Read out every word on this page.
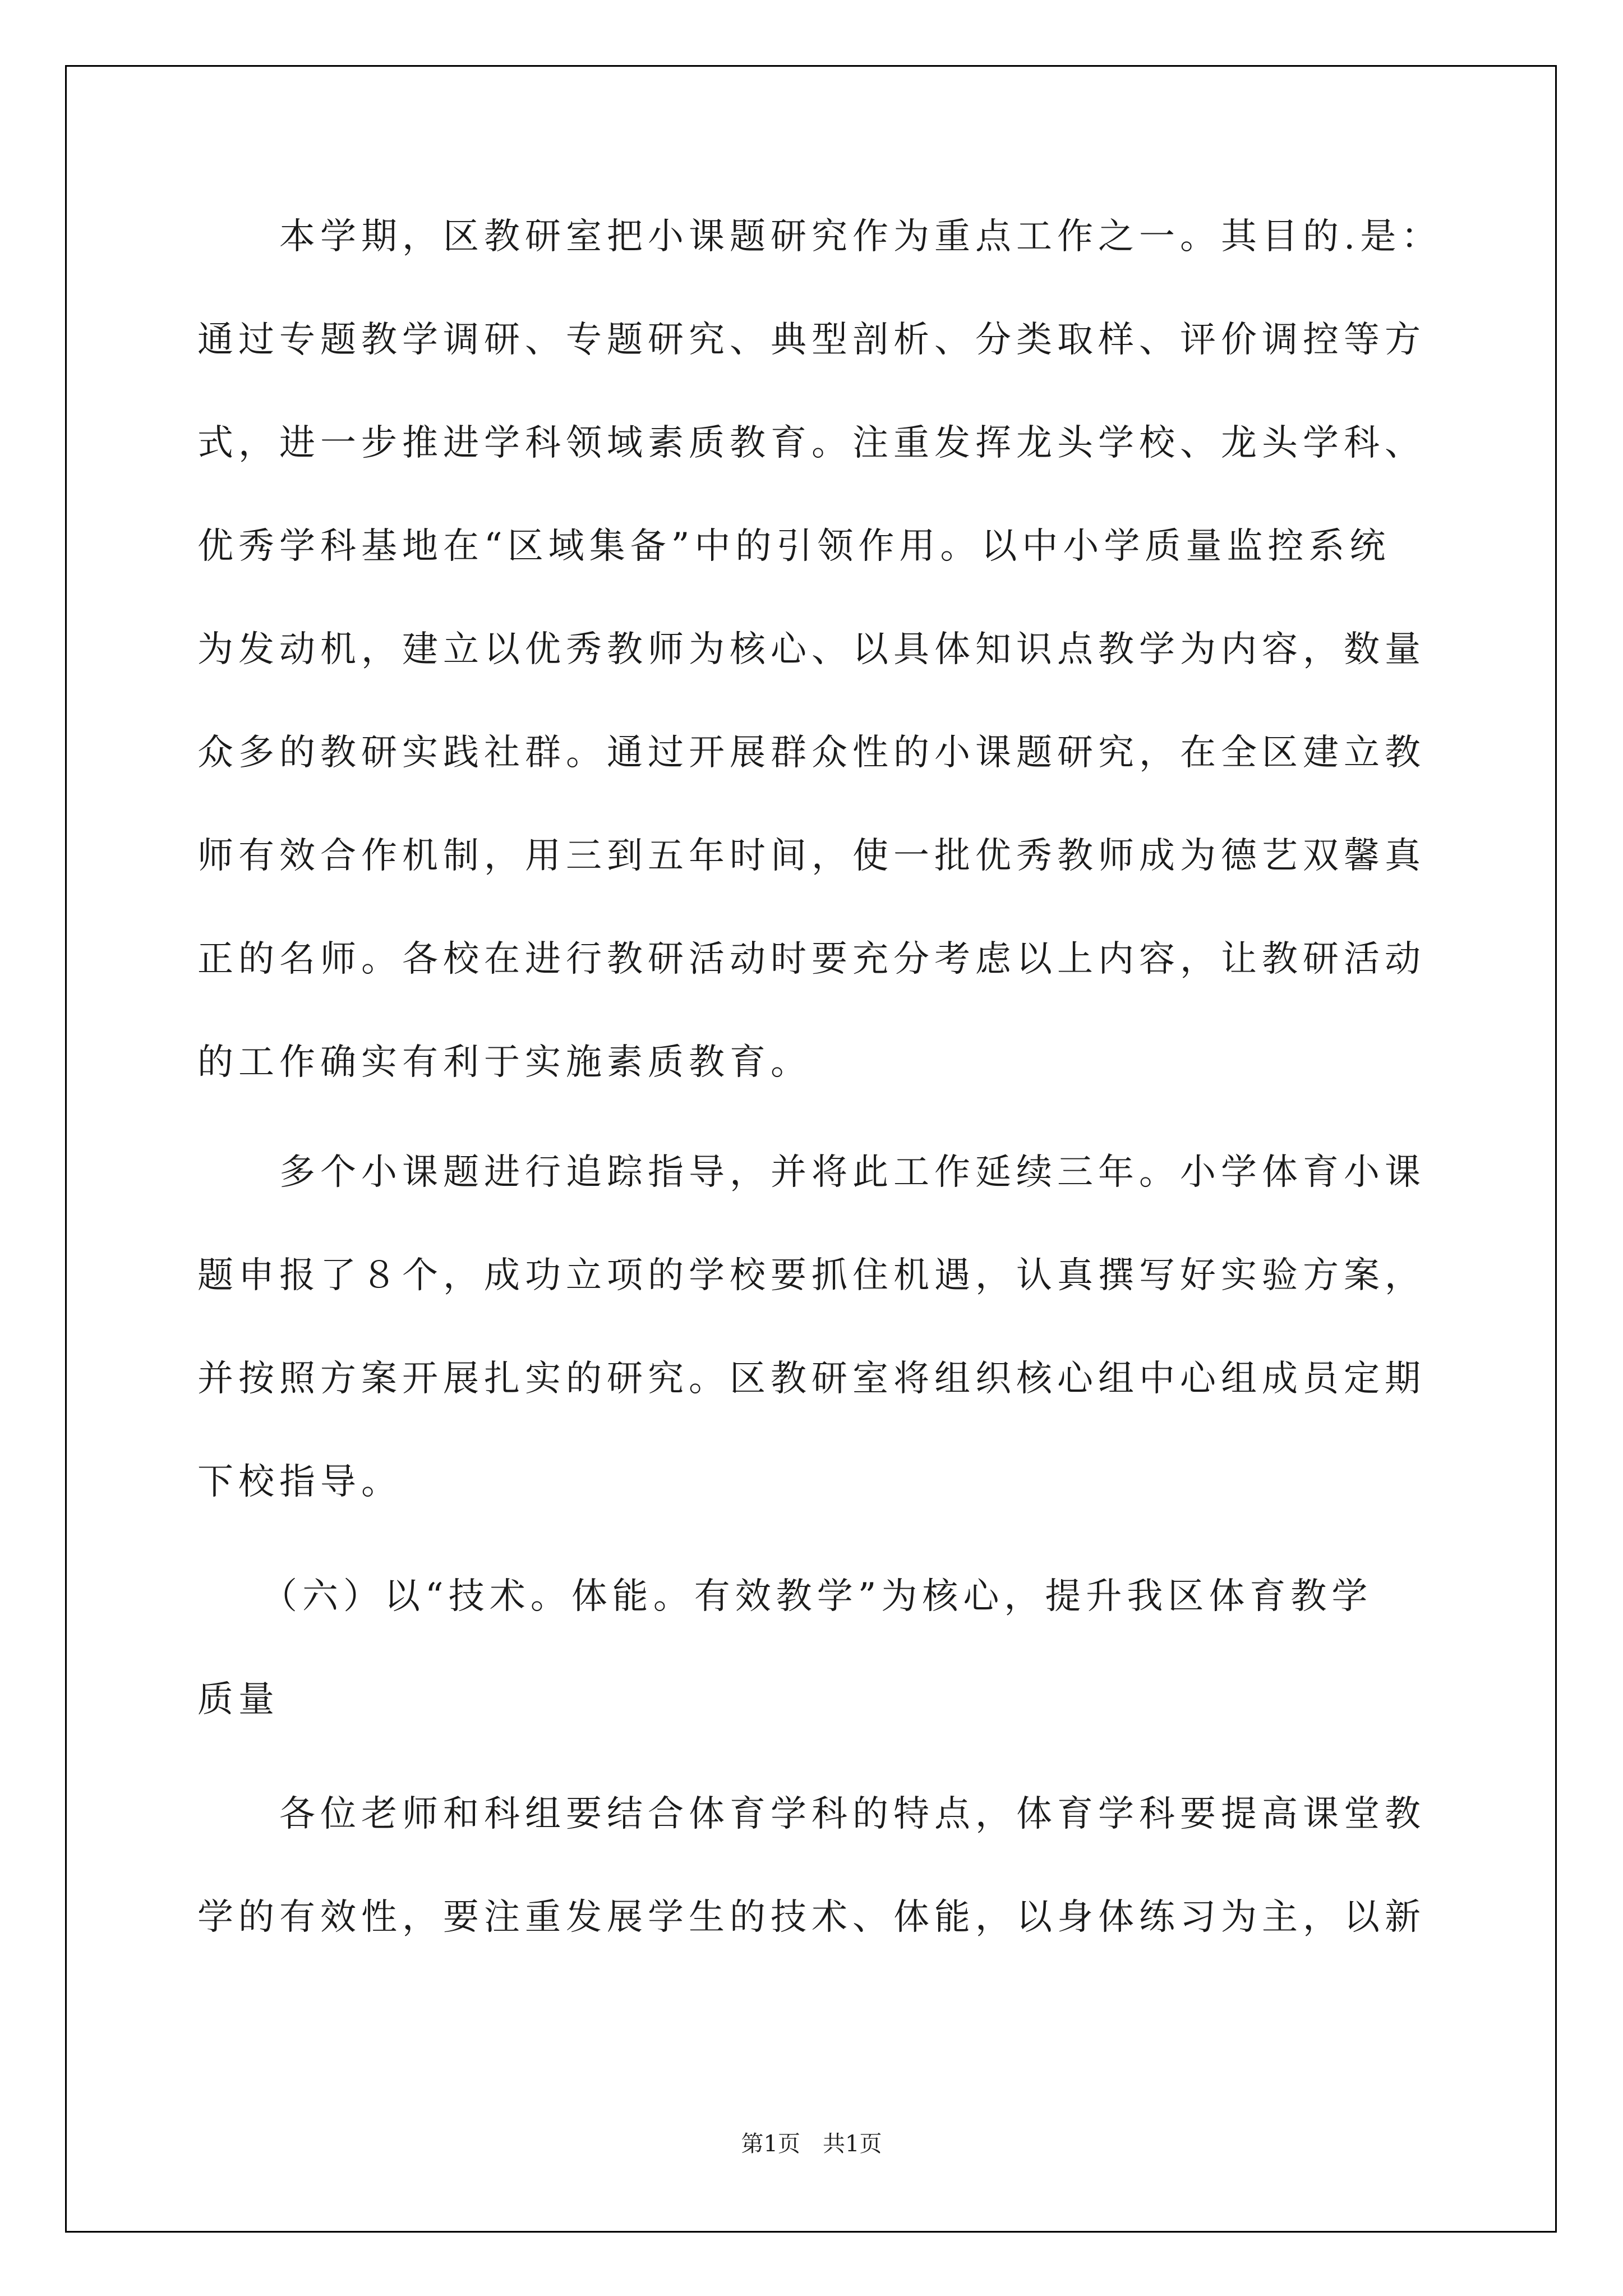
　　本学期，区教研室把小课题研究作为重点工作之一。其目的.是：
通过专题教学调研、专题研究、典型剖析、分类取样、评价调控等方
式，进一步推进学科领域素质教育。注重发挥龙头学校、龙头学科、
优秀学科基地在“区域集备”中的引领作用。以中小学质量监控系统
为发动机，建立以优秀教师为核心、以具体知识点教学为内容，数量
众多的教研实践社群。通过开展群众性的小课题研究，在全区建立教
师有效合作机制，用三到五年时间，使一批优秀教师成为德艺双馨真
正的名师。各校在进行教研活动时要充分考虑以上内容，让教研活动
的工作确实有利于实施素质教育。
　　多个小课题进行追踪指导，并将此工作延续三年。小学体育小课
题申报了８个，成功立项的学校要抓住机遇，认真撰写好实验方案，
并按照方案开展扎实的研究。区教研室将组织核心组中心组成员定期
下校指导。
　　（六）以“技术。体能。有效教学”为核心，提升我区体育教学
质量
　　各位老师和科组要结合体育学科的特点，体育学科要提高课堂教
学的有效性，要注重发展学生的技术、体能，以身体练习为主，以新
第1页　共1页
